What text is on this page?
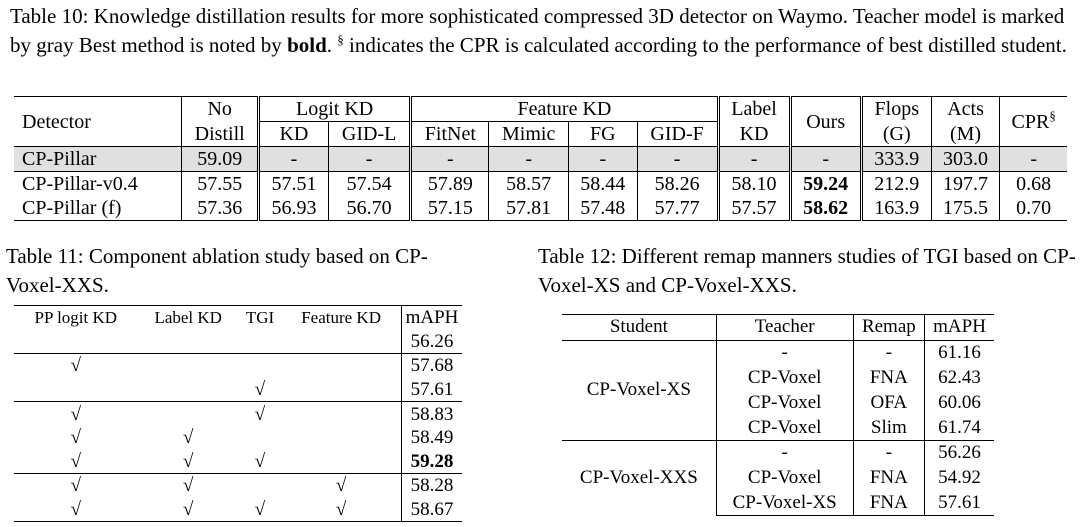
Table 10: Knowledge distillation results for more sophisticated compressed 3D detector on Waymo. Teacher model is marked by gray Best method is noted by bold. § indicates the CPR is calculated according to the performance of best distilled student.

Detector	No	Logit KD		Feature KD				Label	Ours	Flops	Acts	CPR§
	Distill	KD	GID-L	FitNet	Mimic	FG	GID-F	KD		(G)	(M)	
CP-Pillar	59.09	-	-	-	-	-	-	-	-	333.9	303.0	-
CP-Pillar-v0.4	57.55	57.51	57.54	57.89	58.57	58.44	58.26	58.10	59.24	212.9	197.7	0.68
CP-Pillar (f)	57.36	56.93	56.70	57.15	57.81	57.48	57.77	57.57	58.62	163.9	175.5	0.70

Table 11: Component ablation study based on CP-Voxel-XXS.

PP logit KD	Label KD	TGI	Feature KD	mAPH
				56.26
√				57.68
		√		57.61
√		√		58.83
√	√			58.49
√	√	√		59.28
√	√		√	58.28
√	√	√	√	58.67

Table 12: Different remap manners studies of TGI based on CP-Voxel-XS and CP-Voxel-XXS.

Student	Teacher	Remap	mAPH
CP-Voxel-XS	-	-	61.16
	CP-Voxel	FNA	62.43
	CP-Voxel	OFA	60.06
	CP-Voxel	Slim	61.74
CP-Voxel-XXS	-	-	56.26
	CP-Voxel	FNA	54.92
	CP-Voxel-XS	FNA	57.61
